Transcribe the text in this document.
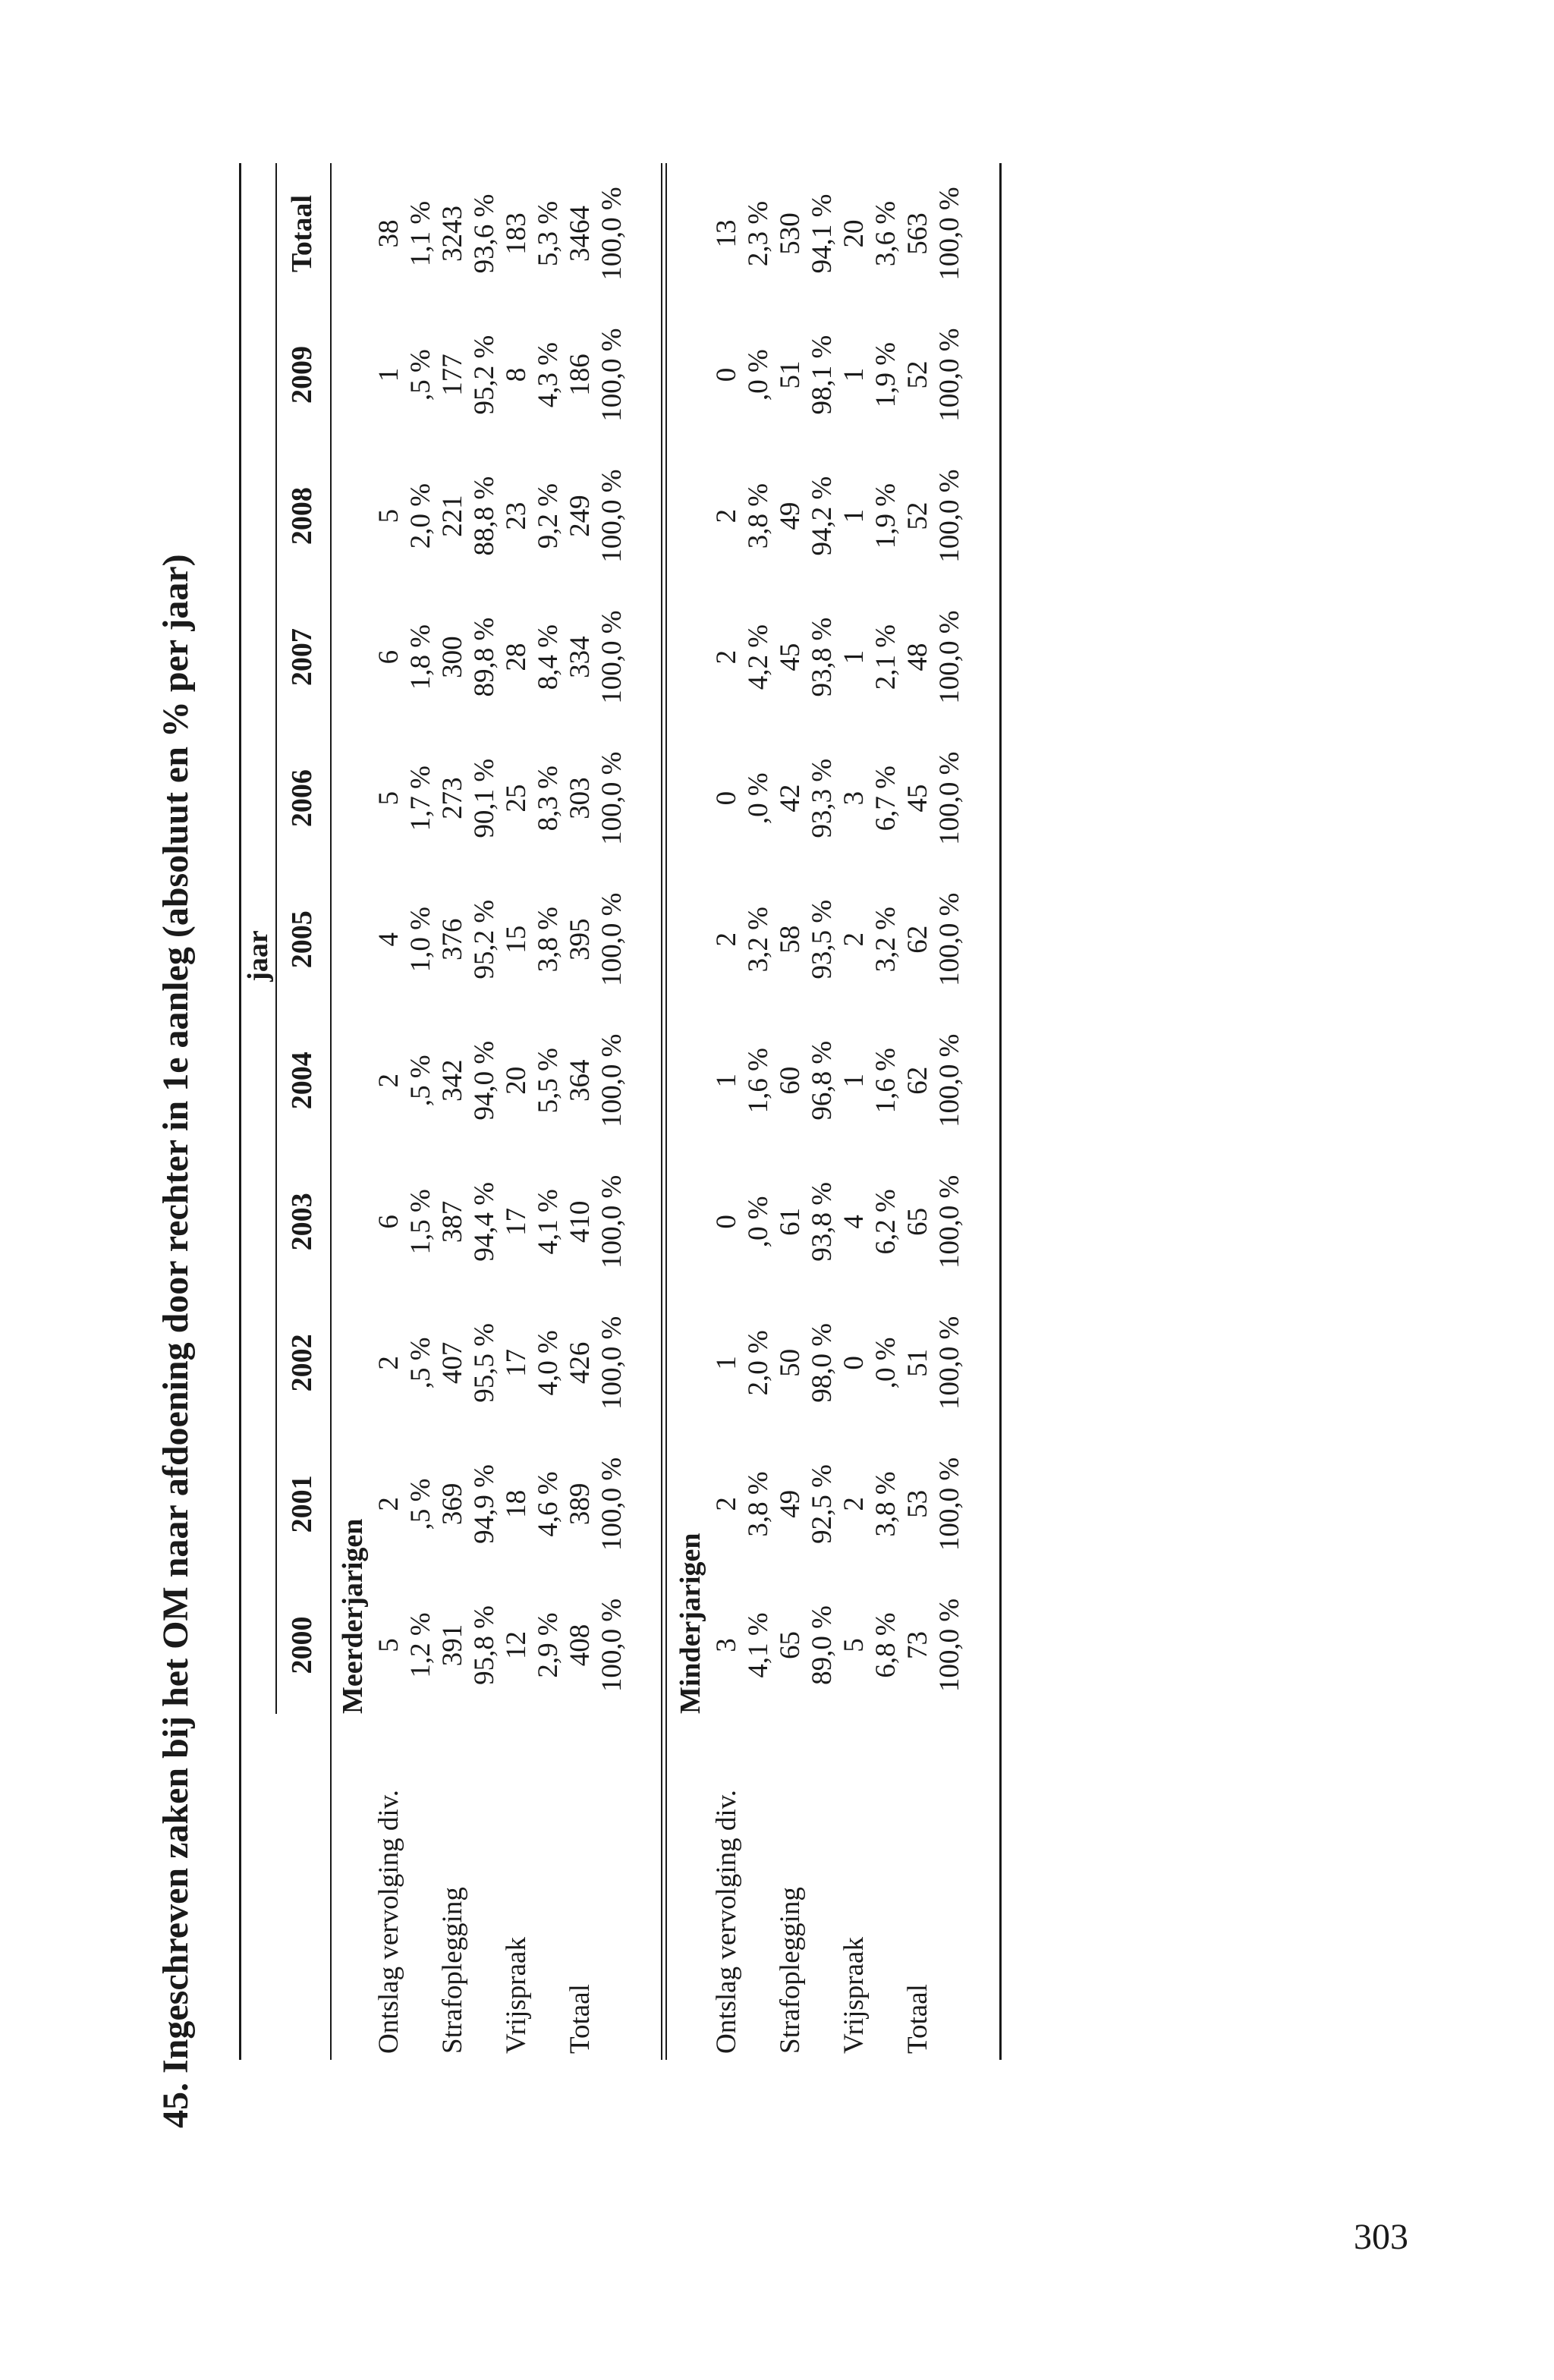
45. Ingeschreven zaken bij het OM naar afdoening door rechter in 1e aanleg (absoluut en % per jaar) jaar
2000
2001
2002
2003
2004
2005
2006
2007
2008
2009
Totaal
Meerderjarigen
Ontslag vervolging div.
5
2
2
6
2
4
5
6
5
1
38
1,2 %
,5 %
,5 %
1,5 %
,5 %
1,0 %
1,7 %
1,8 %
2,0 %
,5 %
1,1 %
Strafoplegging
391
369
407
387
342
376
273
300
221
177
3243
95,8 %
94,9 %
95,5 %
94,4 %
94,0 %
95,2 %
90,1 %
89,8 %
88,8 %
95,2 %
93,6 %
Vrijspraak
12
18
17
17
20
15
25
28
23
8
183
2,9 %
4,6 %
4,0 %
4,1 %
5,5 %
3,8 %
8,3 %
8,4 %
9,2 %
4,3 %
5,3 %
Totaal
408
389
426
410
364
395
303
334
249
186
3464
100,0 %
100,0 %
100,0 %
100,0 %
100,0 %
100,0 %
100,0 %
100,0 %
100,0 %
100,0 %
100,0 %
Minderjarigen
Ontslag vervolging div.
3
2
1
0
1
2
0
2
2
0
13
4,1 %
3,8 %
2,0 %
,0 %
1,6 %
3,2 %
,0 %
4,2 %
3,8 %
,0 %
2,3 %
Strafoplegging
65
49
50
61
60
58
42
45
49
51
530
89,0 %
92,5 %
98,0 %
93,8 %
96,8 %
93,5 %
93,3 %
93,8 %
94,2 %
98,1 %
94,1 %
Vrijspraak
5
2
0
4
1
2
3
1
1
1
20
6,8 %
3,8 %
,0 %
6,2 %
1,6 %
3,2 %
6,7 %
2,1 %
1,9 %
1,9 %
3,6 %
Totaal
73
53
51
65
62
62
45
48
52
52
563
100,0 %
100,0 %
100,0 %
100,0 %
100,0 %
100,0 %
100,0 %
100,0 %
100,0 %
100,0 %
100,0 %
303
